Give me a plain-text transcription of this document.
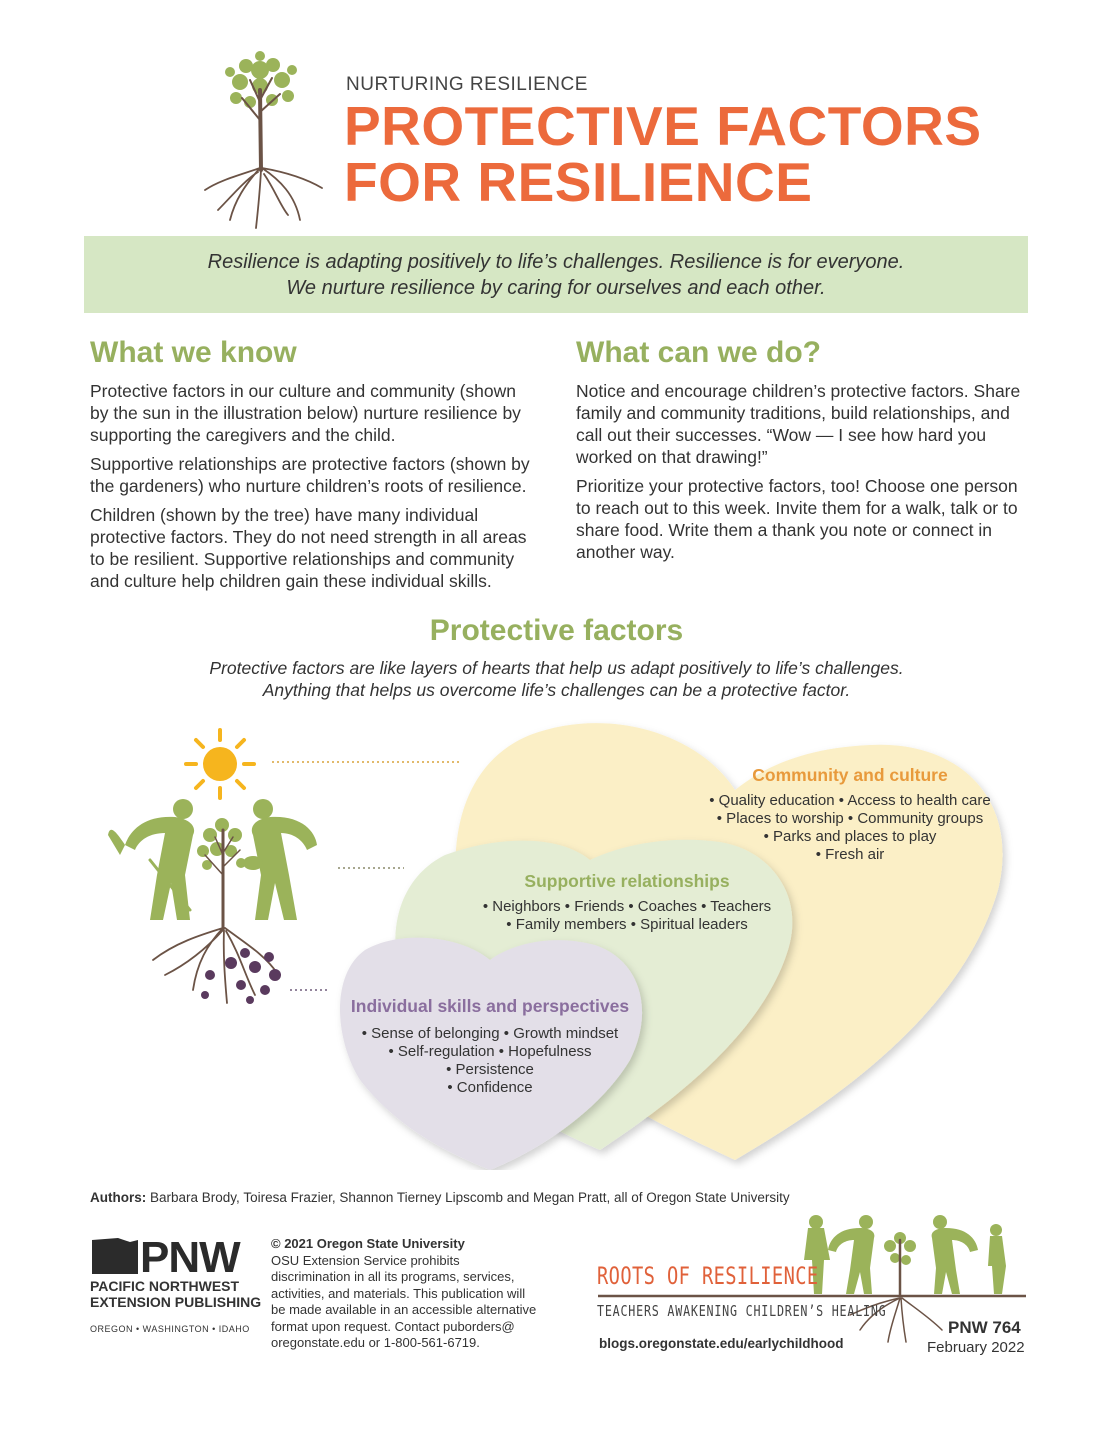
NURTURING RESILIENCE
PROTECTIVE FACTORS
FOR RESILIENCE
Resilience is adapting positively to life’s challenges. Resilience is for everyone.
We nurture resilience by caring for ourselves and each other.
What we know

Protective factors in our culture and community (shown by the sun in the illustration below) nurture resilience by supporting the caregivers and the child.

Supportive relationships are protective factors (shown by the gardeners) who nurture children’s roots of resilience.

Children (shown by the tree) have many individual protective factors. They do not need strength in all areas to be resilient. Supportive relationships and community and culture help children gain these individual skills.

What can we do?

Notice and encourage children’s protective factors. Share family and community traditions, build relationships, and call out their successes. “Wow — I see how hard you worked on that drawing!”

Prioritize your protective factors, too! Choose one person to reach out to this week. Invite them for a walk, talk or to share food. Write them a thank you note or connect in another way.

Protective factors
Protective factors are like layers of hearts that help us adapt positively to life’s challenges.
Anything that helps us overcome life’s challenges can be a protective factor.
Community and culture
• Quality education • Access to health care
• Places to worship • Community groups
• Parks and places to play
• Fresh air
Supportive relationships
• Neighbors • Friends • Coaches • Teachers
• Family members • Spiritual leaders
Individual skills and perspectives
• Sense of belonging • Growth mindset
• Self-regulation • Hopefulness
• Persistence
• Confidence
Authors: Barbara Brody, Toiresa Frazier, Shannon Tierney Lipscomb and Megan Pratt, all of Oregon State University
PNW
PACIFIC NORTHWEST
EXTENSION PUBLISHING
OREGON • WASHINGTON • IDAHO
© 2021 Oregon State University
OSU Extension Service prohibits
discrimination in all its programs, services,
activities, and materials. This publication will
be made available in an accessible alternative
format upon request. Contact puborders@
oregonstate.edu or 1-800-561-6719.
ROOTS OF RESILIENCE
TEACHERS AWAKENING CHILDREN’S HEALING
blogs.oregonstate.edu/earlychildhood
PNW 764
February 2022
